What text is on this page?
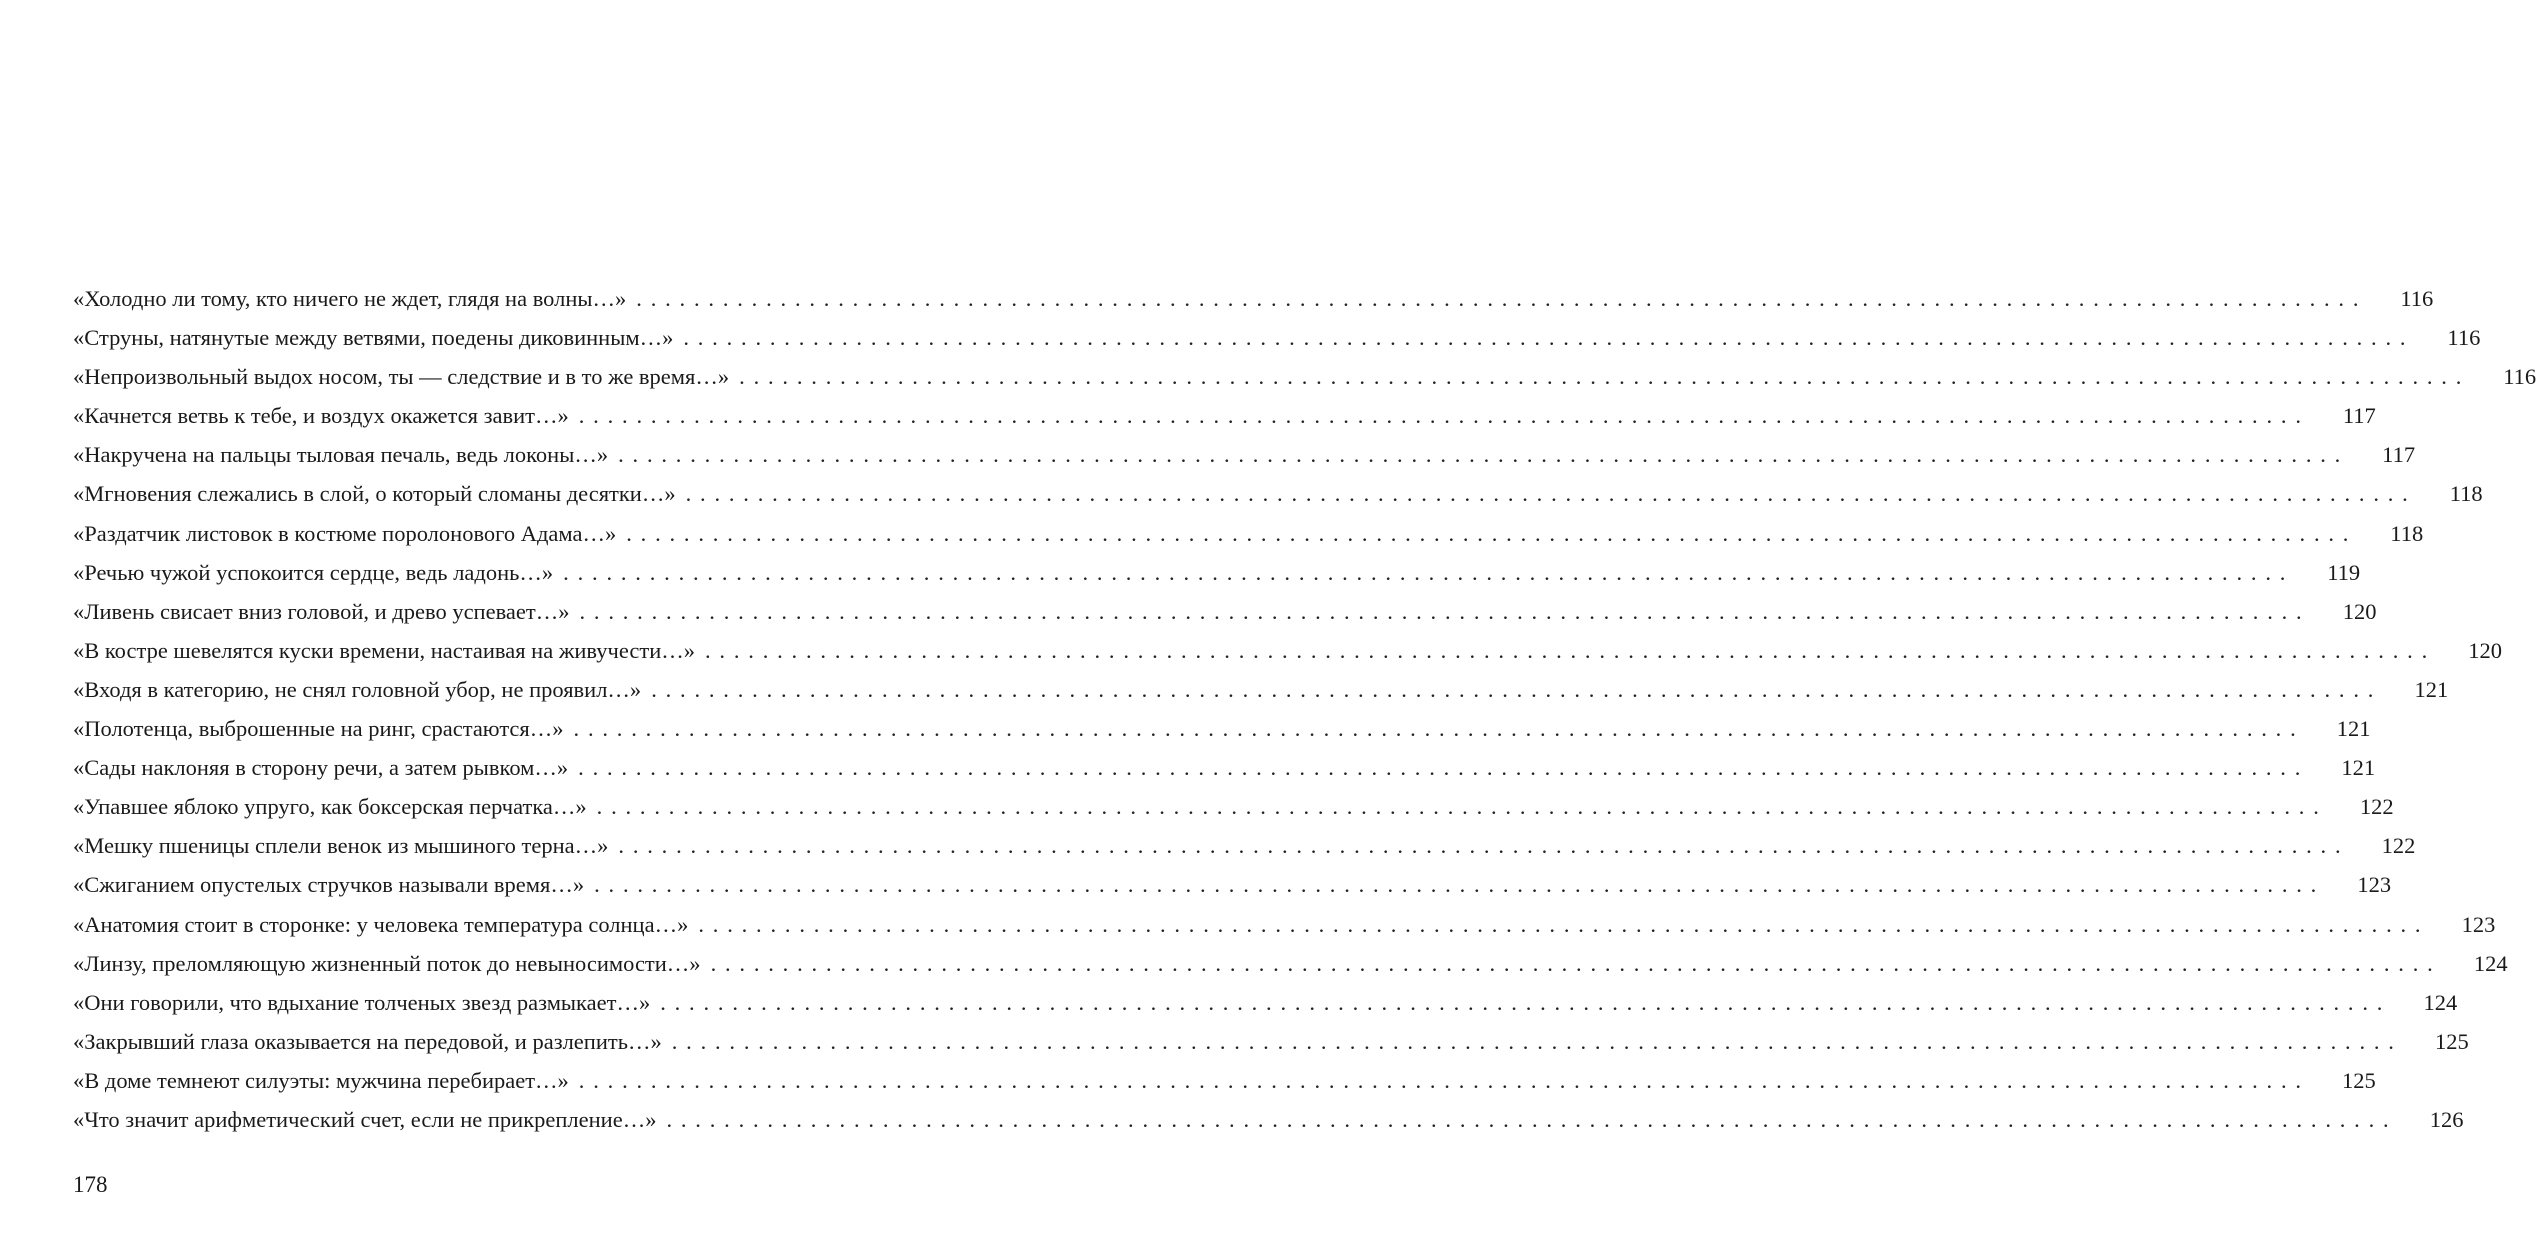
«Холодно ли тому, кто ничего не ждет, глядя на волны…» ........................................................................................................................	116
«Струны, натянутые между ветвями, поедены диковинным…» ........................................................................................................................	116
«Непроизвольный выдох носом, ты — следствие и в то же время…» ........................................................................................................................	116
«Качнется ветвь к тебе, и воздух окажется завит…» ........................................................................................................................	117
«Накручена на пальцы тыловая печаль, ведь локоны…» ........................................................................................................................	117
«Мгновения слежались в слой, о который сломаны десятки…» ........................................................................................................................	118
«Раздатчик листовок в костюме поролонового Адама…» ........................................................................................................................	118
«Речью чужой успокоится сердце, ведь ладонь…» ........................................................................................................................	119
«Ливень свисает вниз головой, и древо успевает…» ........................................................................................................................	120
«В костре шевелятся куски времени, настаивая на живучести…» ........................................................................................................................	120
«Входя в категорию, не снял головной убор, не проявил…» ........................................................................................................................	121
«Полотенца, выброшенные на ринг, срастаются…» ........................................................................................................................	121
«Сады наклоняя в сторону речи, а затем рывком…» ........................................................................................................................	121
«Упавшее яблоко упруго, как боксерская перчатка…» ........................................................................................................................	122
«Мешку пшеницы сплели венок из мышиного терна…» ........................................................................................................................	122
«Сжиганием опустелых стручков называли время…» ........................................................................................................................	123
«Анатомия стоит в сторонке: у человека температура солнца…» ........................................................................................................................	123
«Линзу, преломляющую жизненный поток до невыносимости…» ........................................................................................................................	124
«Они говорили, что вдыхание толченых звезд размыкает…» ........................................................................................................................	124
«Закрывший глаза оказывается на передовой, и разлепить…» ........................................................................................................................	125
«В доме темнеют силуэты: мужчина перебирает…» ........................................................................................................................	125
«Что значит арифметический счет, если не прикрепление…» ........................................................................................................................	126
178
